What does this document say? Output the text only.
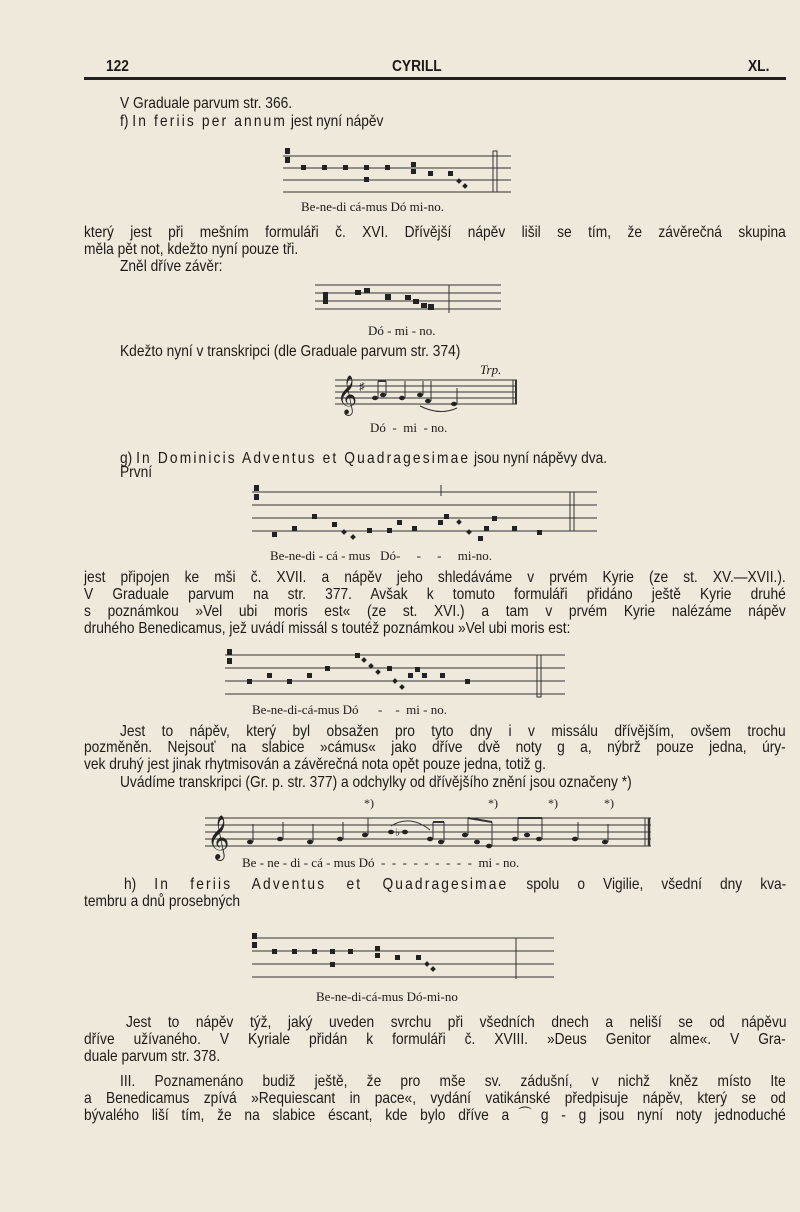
122	CYRILL	XL.
V Graduale parvum str. 366.
f) In feriis per annum jest nyní nápěv
Be-ne-di cá-mus Dó mi-no.
který jest při mešním formuláři č. XVI. Dřívější nápěv lišil se tím, že závěrečná skupina
měla pět not, kdežto nyní pouze tři.
Zněl dříve závěr:
Dó - mi - no.
Kdežto nyní v transkripci (dle Graduale parvum str. 374)
Trp.
𝄞 ♯
Dó  -  mi  - no.
g) In Dominicis Adventus et Quadragesimae jsou nyní nápěvy dva.
První
Be-ne-di - cá - mus   Dó-     -     -     mi-no.
jest připojen ke mši č. XVII. a nápěv jeho shledáváme v prvém Kyrie (ze st. XV.—XVII.).
V Graduale parvum na str. 377. Avšak k tomuto formuláři přidáno ještě Kyrie druhé
s poznámkou »Vel ubi moris est« (ze st. XVI.) a tam v prvém Kyrie nalézáme nápěv
druhého Benedicamus, jež uvádí missál s toutéž poznámkou »Vel ubi moris est:
Be-ne-di-cá-mus Dó      -    -  mi - no.
Jest to nápěv, který byl obsažen pro tyto dny i v missálu dřívějším, ovšem trochu
pozměněn. Nejsouť na slabice »cámus« jako dříve dvě noty g a, nýbrž pouze jedna, úry-
vek druhý jest jinak rhytmisován a závěrečná nota opět pouze jedna, totiž g.
Uvádíme transkripci (Gr. p. str. 377) a odchylky od dřívějšího znění jsou označeny *)
*)	*)	*)	*)
𝄞	♭
Be - ne - di - cá - mus Dó  -  -  -  -  -  -  -  -  -  mi - no.
h) In feriis Adventus et Quadragesimae spolu o Vigilie, všední dny kva-
tembru a dnů prosebných
Be-ne-di-cá-mus Dó-mi-no
Jest to nápěv týž, jaký uveden svrchu při všedních dnech a neliší se od nápěvu
dříve užívaného. V Kyriale přidán k formuláři č. XVIII. »Deus Genitor alme«. V Gra-
duale parvum str. 378.
III. Poznamenáno budiž ještě, že pro mše sv. zádušní, v nichž kněz místo Ite
a Benedicamus zpívá »Requiescant in pace«, vydání vatikánské předpisuje nápěv, který se od
bývalého liší tím, že na slabice éscant, kde bylo dříve a⌒g - g jsou nyní noty jednoduché
